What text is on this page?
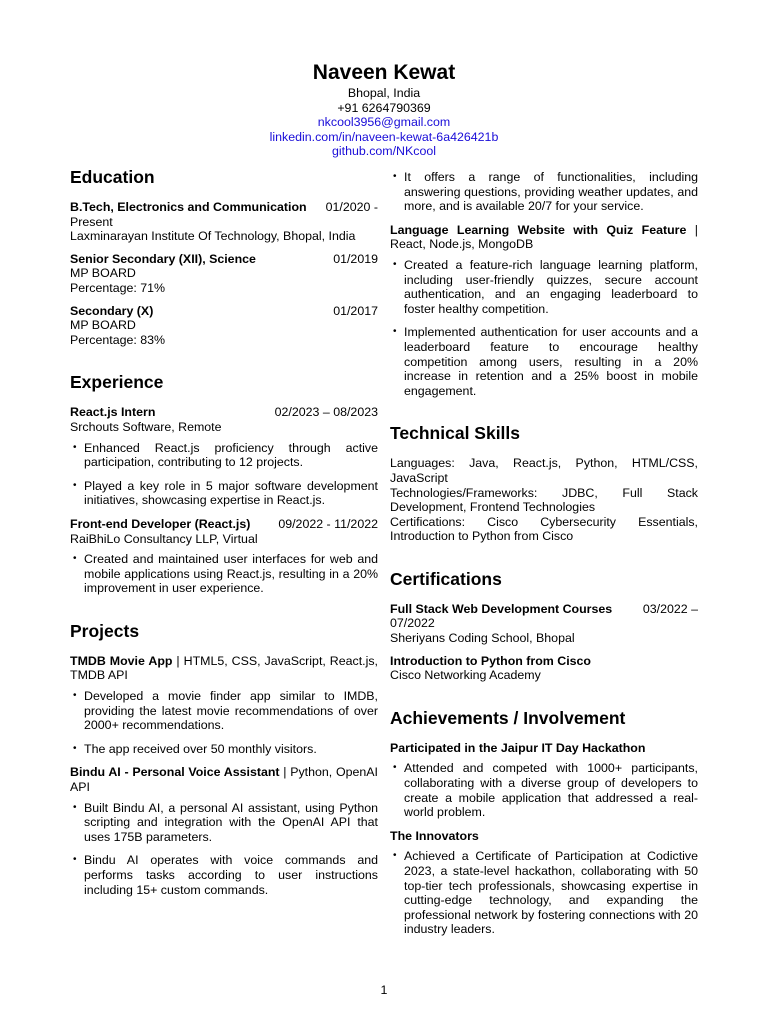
Naveen Kewat
Bhopal, India
+91 6264790369
nkcool3956@gmail.com
linkedin.com/in/naveen-kewat-6a426421b
github.com/NKcool
Education
B.Tech, Electronics and Communication	01/2020 -
Present
Laxminarayan Institute Of Technology, Bhopal, India
Senior Secondary (XII), Science	01/2019
MP BOARD
Percentage: 71%
Secondary (X)	01/2017
MP BOARD
Percentage: 83%
Experience
React.js Intern	02/2023 – 08/2023
Srchouts Software, Remote
• Enhanced React.js proficiency through active participation, contributing to 12 projects.
• Played a key role in 5 major software development initiatives, showcasing expertise in React.js.
Front-end Developer (React.js)	09/2022 - 11/2022
RaiBhiLo Consultancy LLP, Virtual
• Created and maintained user interfaces for web and mobile applications using React.js, resulting in a 20% improvement in user experience.
Projects
TMDB Movie App | HTML5, CSS, JavaScript, React.js, TMDB API
• Developed a movie finder app similar to IMDB, providing the latest movie recommendations of over 2000+ recommendations.
• The app received over 50 monthly visitors.
Bindu AI - Personal Voice Assistant | Python, OpenAI API
• Built Bindu AI, a personal AI assistant, using Python scripting and integration with the OpenAI API that uses 175B parameters.
• Bindu AI operates with voice commands and performs tasks according to user instructions including 15+ custom commands.
• It offers a range of functionalities, including answering questions, providing weather updates, and more, and is available 20/7 for your service.
Language Learning Website with Quiz Feature | React, Node.js, MongoDB
• Created a feature-rich language learning platform, including user-friendly quizzes, secure account authentication, and an engaging leaderboard to foster healthy competition.
• Implemented authentication for user accounts and a leaderboard feature to encourage healthy competition among users, resulting in a 20% increase in retention and a 25% boost in mobile engagement.
Technical Skills
Languages: Java, React.js, Python, HTML/CSS, JavaScript
Technologies/Frameworks: JDBC, Full Stack Development, Frontend Technologies
Certifications: Cisco Cybersecurity Essentials, Introduction to Python from Cisco
Certifications
Full Stack Web Development Courses	03/2022 –
07/2022
Sheriyans Coding School, Bhopal
Introduction to Python from Cisco
Cisco Networking Academy
Achievements / Involvement
Participated in the Jaipur IT Day Hackathon
• Attended and competed with 1000+ participants, collaborating with a diverse group of developers to create a mobile application that addressed a real-world problem.
The Innovators
• Achieved a Certificate of Participation at Codictive 2023, a state-level hackathon, collaborating with 50 top-tier tech professionals, showcasing expertise in cutting-edge technology, and expanding the professional network by fostering connections with 20 industry leaders.
1
